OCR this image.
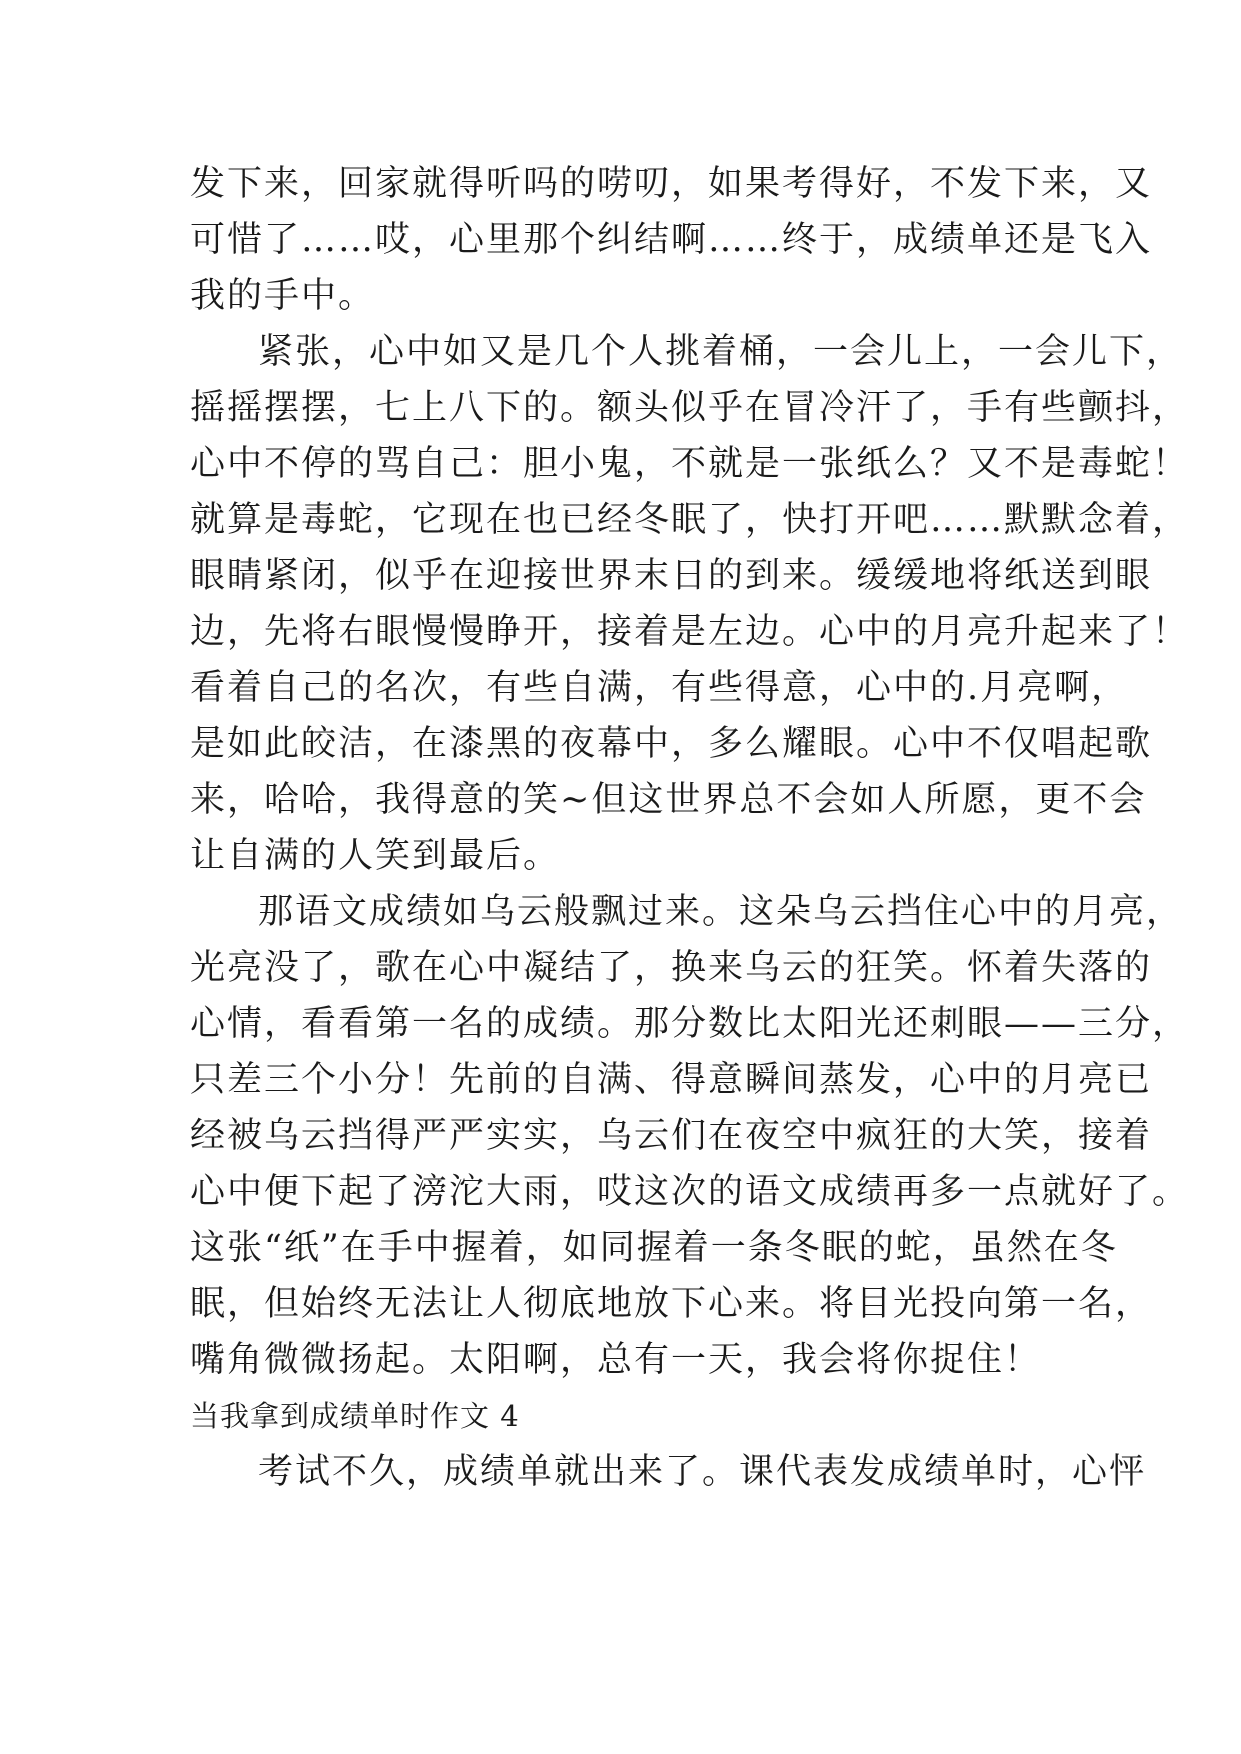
发下来，回家就得听吗的唠叨，如果考得好，不发下来，又
可惜了……哎，心里那个纠结啊……终于，成绩单还是飞入
我的手中。
紧张，心中如又是几个人挑着桶，一会儿上，一会儿下，
摇摇摆摆，七上八下的。额头似乎在冒冷汗了，手有些颤抖，
心中不停的骂自己：胆小鬼，不就是一张纸么？又不是毒蛇！
就算是毒蛇，它现在也已经冬眠了，快打开吧……默默念着，
眼睛紧闭，似乎在迎接世界末日的到来。缓缓地将纸送到眼
边，先将右眼慢慢睁开，接着是左边。心中的月亮升起来了！
看着自己的名次，有些自满，有些得意，心中的.月亮啊，
是如此皎洁，在漆黑的夜幕中，多么耀眼。心中不仅唱起歌
来，哈哈，我得意的笑~但这世界总不会如人所愿，更不会
让自满的人笑到最后。
那语文成绩如乌云般飘过来。这朵乌云挡住心中的月亮，
光亮没了，歌在心中凝结了，换来乌云的狂笑。怀着失落的
心情，看看第一名的成绩。那分数比太阳光还刺眼——三分，
只差三个小分！先前的自满、得意瞬间蒸发，心中的月亮已
经被乌云挡得严严实实，乌云们在夜空中疯狂的大笑，接着
心中便下起了滂沱大雨，哎这次的语文成绩再多一点就好了。
这张“纸”在手中握着，如同握着一条冬眠的蛇，虽然在冬
眠，但始终无法让人彻底地放下心来。将目光投向第一名，
嘴角微微扬起。太阳啊，总有一天，我会将你捉住！
当我拿到成绩单时作文 4
考试不久，成绩单就出来了。课代表发成绩单时，心怦
